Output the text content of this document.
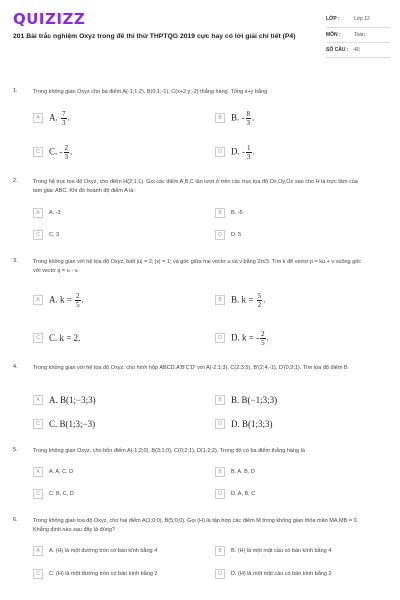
QUIZIZZ
201 Bài trắc nghiệm Oxyz trong đề thi thử THPTQG 2019 cực hay có lời giải chi tiết (P4)
LỚP :	Lớp 12
MÔN :	Toán
SỐ CÂU :	40
1.	Trong không gian Oxyz cho ba điểm A(-1;1;2), B(0;1;-1), C(x+2;y;-2) thẳng hàng. Tổng x+y bằng
A	A. $\frac{7}{3}$ .	B	B. - $\frac{8}{3}$ .
C	C. - $\frac{2}{3}$ .	D	D. - $\frac{1}{3}$ .
2.	Trong hệ trục tọa độ Oxyz, cho điểm H(2;1;1). Gọi các điểm A,B,C lần lượt ở trên các trục tọa độ Ox,Oy,Oz sao cho H là trực tâm của tam giác ABC. Khi đó hoành độ điểm A là:
A	A. -3	B	B. -5
C	C. 3	D	D. 5
3.	Trong không gian với hệ tọa độ Oxyz, biết |u| = 2; |v| = 1; và góc giữa hai vectơ u và v bằng 2π/3. Tìm k để vectơ p = ku + v vuông góc với vectơ q = u - v.
A	A. $k = \frac{2}{5}$ .	B	B. $k = \frac{5}{2}$ .
C	C. k = 2.	D	D. k = - $\frac{2}{5}$ .
4.	Trong không gian với hệ tọa độ Oxyz, cho hình hộp ABCD.A'B'C'D' với A(-2;1;3), C(2;3;5), B'(2;4;-1), D'(0;2;1). Tìm tọa độ điểm B
A	A. B(1;−3;3)	B	B. B(−1;3;3)
C	C. B(1;3;−3)	D	D. B(1;3;3)
5.	Trong không gian Oxyz, cho bốn điểm A(-1;2;0), B(3;1;0), C(0;2;1), D(1;2;2). Trong đó có ba điểm thẳng hàng là
A	A. A, C, D	B	B. A, B, D
C	C. B, C, D	D	D. A, B, C
6.	Trong không gian tọa độ Oxyz, cho hai điểm A(1;0;0), B(5;0;0). Gọi (H) là tập hợp các điểm M trong không gian thỏa mãn MA.MB = 0. Khẳng định nào sau đây là đúng?
A	A. (H) là một đường tròn có bán kính bằng 4	B	B. (H) là một mặt cầu có bán kính bằng 4
C	C. (H) là một đường tròn có bán kính bằng 2	D	D. (H) là một mặt cầu có bán kính bằng 2
